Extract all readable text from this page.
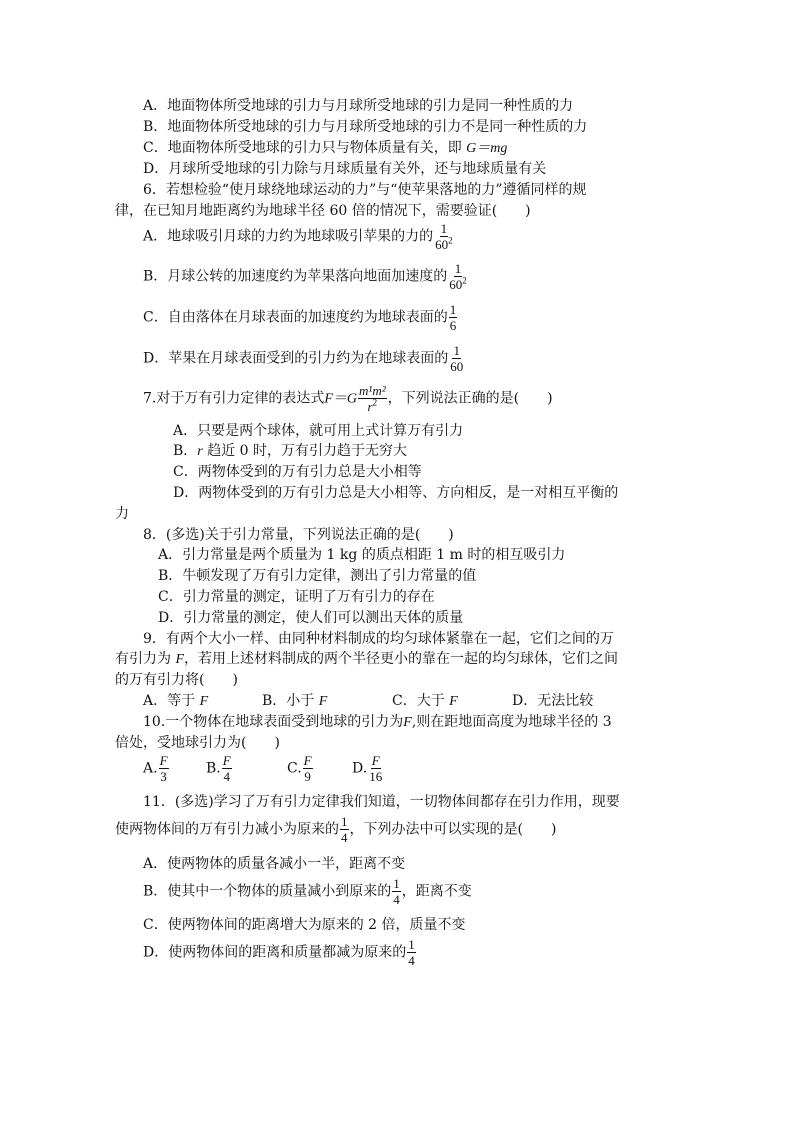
A．地面物体所受地球的引力与月球所受地球的引力是同一种性质的力
B．地面物体所受地球的引力与月球所受地球的引力不是同一种性质的力
C．地面物体所受地球的引力只与物体质量有关，即 G＝mg
D．月球所受地球的引力除与月球质量有关外，还与地球质量有关
6．若想检验“使月球绕地球运动的力”与“使苹果落地的力”遵循同样的规
律，在已知月地距离约为地球半径 60 倍的情况下，需要验证(　　)
A．地球吸引月球的力约为地球吸引苹果的力的 $\frac{1}{60^2}$
B．月球公转的加速度约为苹果落向地面加速度的 $\frac{1}{60^2}$
C．自由落体在月球表面的加速度约为地球表面的 $\frac{1}{6}$
D．苹果在月球表面受到的引力约为在地球表面的 $\frac{1}{60}$
7.对于万有引力定律的表达式$F=G \frac{\text{m¹m²}}{r^2}$ ，下列说法正确的是(　　)
A．只要是两个球体，就可用上式计算万有引力
B．r 趋近 0 时，万有引力趋于无穷大
C．两物体受到的万有引力总是大小相等
D．两物体受到的万有引力总是大小相等、方向相反，是一对相互平衡的
力
8．(多选)关于引力常量，下列说法正确的是(　　)
A．引力常量是两个质量为 1 kg 的质点相距 1 m 时的相互吸引力
B．牛顿发现了万有引力定律，测出了引力常量的值
C．引力常量的测定，证明了万有引力的存在
D．引力常量的测定，使人们可以测出天体的质量
9．有两个大小一样、由同种材料制成的均匀球体紧靠在一起，它们之间的万
有引力为 F，若用上述材料制成的两个半径更小的靠在一起的均匀球体，它们之间
的万有引力将(　　)
A．等于 F	B．小于 F	C．大于 F	D．无法比较
10.一个物体在地球表面受到地球的引力为F,则在距地面高度为地球半径的 3
倍处，受地球引力为(　　)
A. $\frac{F}{3}$	B. $\frac{F}{4}$	C. $\frac{F}{9}$	D. $\frac{F}{16}$
11．(多选)学习了万有引力定律我们知道，一切物体间都存在引力作用，现要
使两物体间的万有引力减小为原来的 $\frac{1}{4}$ ，下列办法中可以实现的是(　　)
A．使两物体的质量各减小一半，距离不变
B．使其中一个物体的质量减小到原来的 $\frac{1}{4}$ ，距离不变
C．使两物体间的距离增大为原来的 2 倍，质量不变
D．使两物体间的距离和质量都减为原来的 $\frac{1}{4}$
